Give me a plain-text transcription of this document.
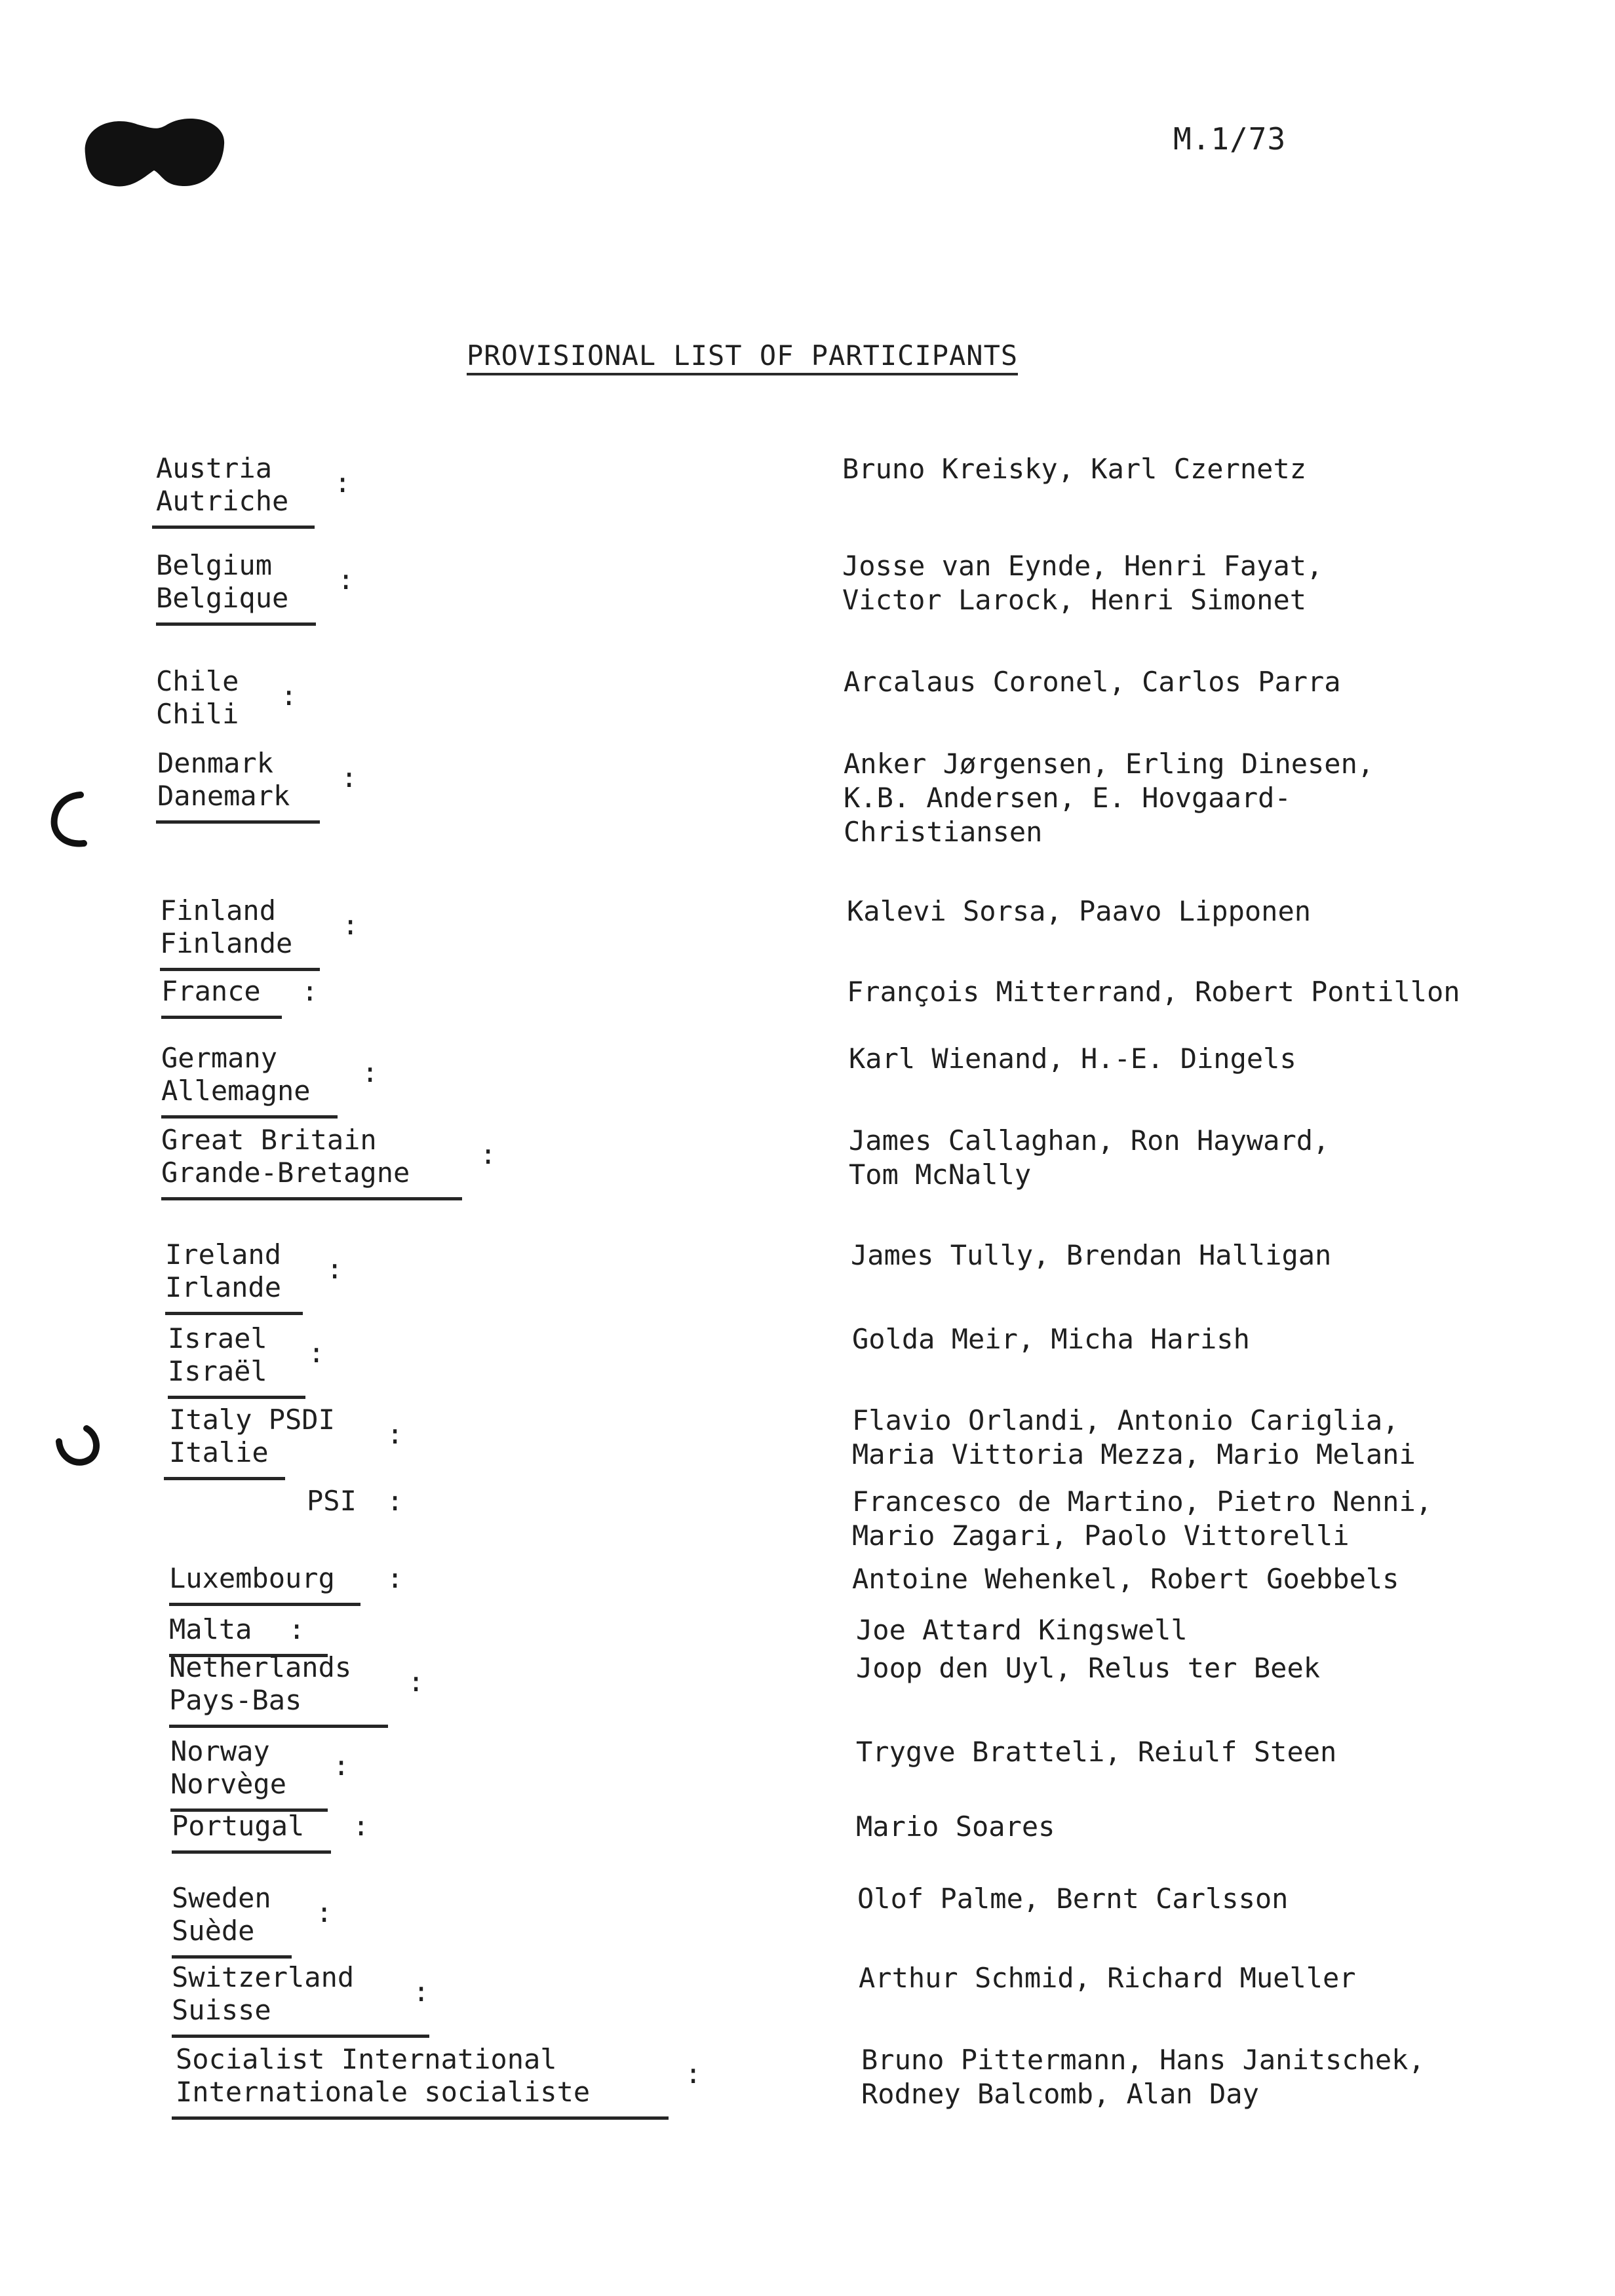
M.1/73
PROVISIONAL LIST OF PARTICIPANTS
Austria
Autriche
:	Bruno Kreisky, Karl Czernetz
Belgium
Belgique
:	Josse van Eynde, Henri Fayat,
Victor Larock, Henri Simonet
Chile
Chili
:	Arcalaus Coronel, Carlos Parra
Denmark
Danemark
:	Anker Jørgensen, Erling Dinesen,
K.B. Andersen, E. Hovgaard-
Christiansen
Finland
Finlande
:	Kalevi Sorsa, Paavo Lipponen
France :	François Mitterrand, Robert Pontillon
Germany
Allemagne
:	Karl Wienand, H.-E. Dingels
Great Britain
Grande-Bretagne
:	James Callaghan, Ron Hayward,
Tom McNally
Ireland
Irlande
:	James Tully, Brendan Halligan
Israel
Israël
:	Golda Meir, Micha Harish
Italy PSDI
Italie
:	Flavio Orlandi, Antonio Cariglia,
Maria Vittoria Mezza, Mario Melani
PSI :	Francesco de Martino, Pietro Nenni,
Mario Zagari, Paolo Vittorelli
Luxembourg :	Antoine Wehenkel, Robert Goebbels
Malta :	Joe Attard Kingswell
Netherlands
Pays-Bas
:	Joop den Uyl, Relus ter Beek
Norway
Norvège
:	Trygve Bratteli, Reiulf Steen
Portugal :	Mario Soares
Sweden
Suède
:	Olof Palme, Bernt Carlsson
Switzerland
Suisse
:	Arthur Schmid, Richard Mueller
Socialist International
Internationale socialiste
:	Bruno Pittermann, Hans Janitschek,
Rodney Balcomb, Alan Day
